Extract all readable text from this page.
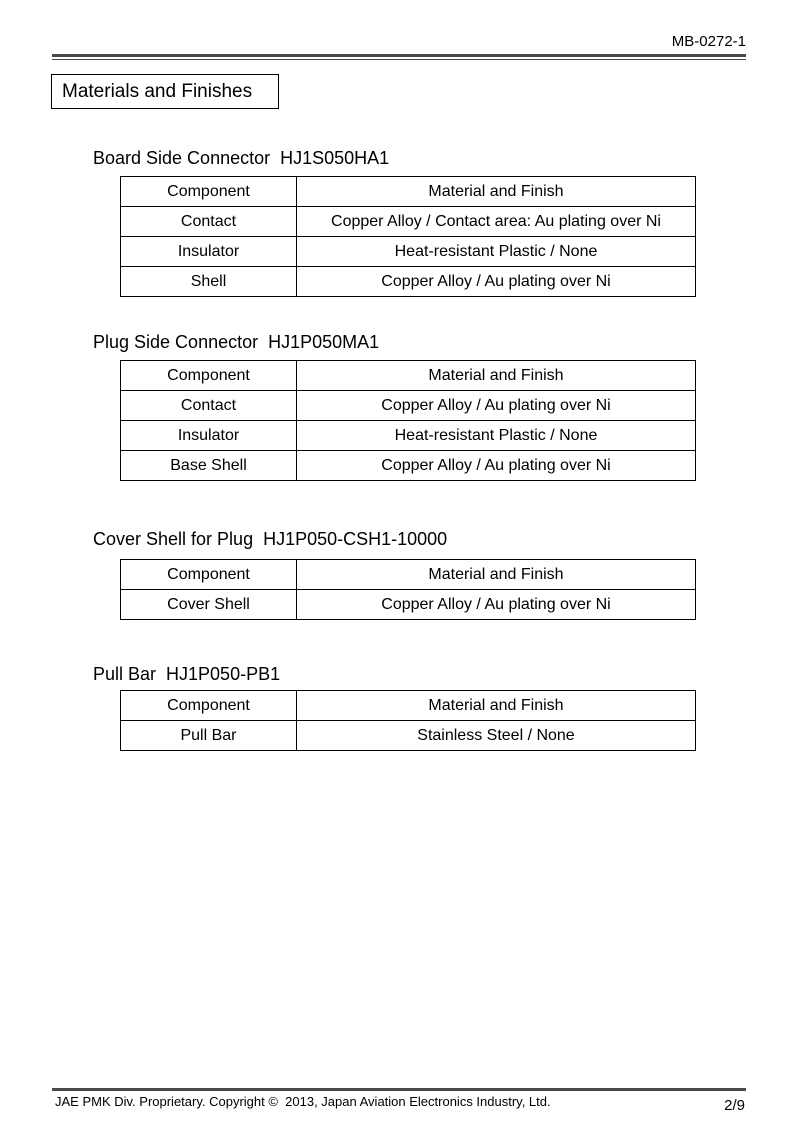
MB-0272-1
Materials and Finishes
Board Side Connector  HJ1S050HA1
Component	Material and Finish
Contact	Copper Alloy / Contact area: Au plating over Ni
Insulator	Heat-resistant Plastic / None
Shell	Copper Alloy / Au plating over Ni
Plug Side Connector  HJ1P050MA1
Component	Material and Finish
Contact	Copper Alloy / Au plating over Ni
Insulator	Heat-resistant Plastic / None
Base Shell	Copper Alloy / Au plating over Ni
Cover Shell for Plug  HJ1P050-CSH1-10000
Component	Material and Finish
Cover Shell	Copper Alloy / Au plating over Ni
Pull Bar  HJ1P050-PB1
Component	Material and Finish
Pull Bar	Stainless Steel / None
JAE PMK Div. Proprietary. Copyright ©  2013, Japan Aviation Electronics Industry, Ltd.	2/9
